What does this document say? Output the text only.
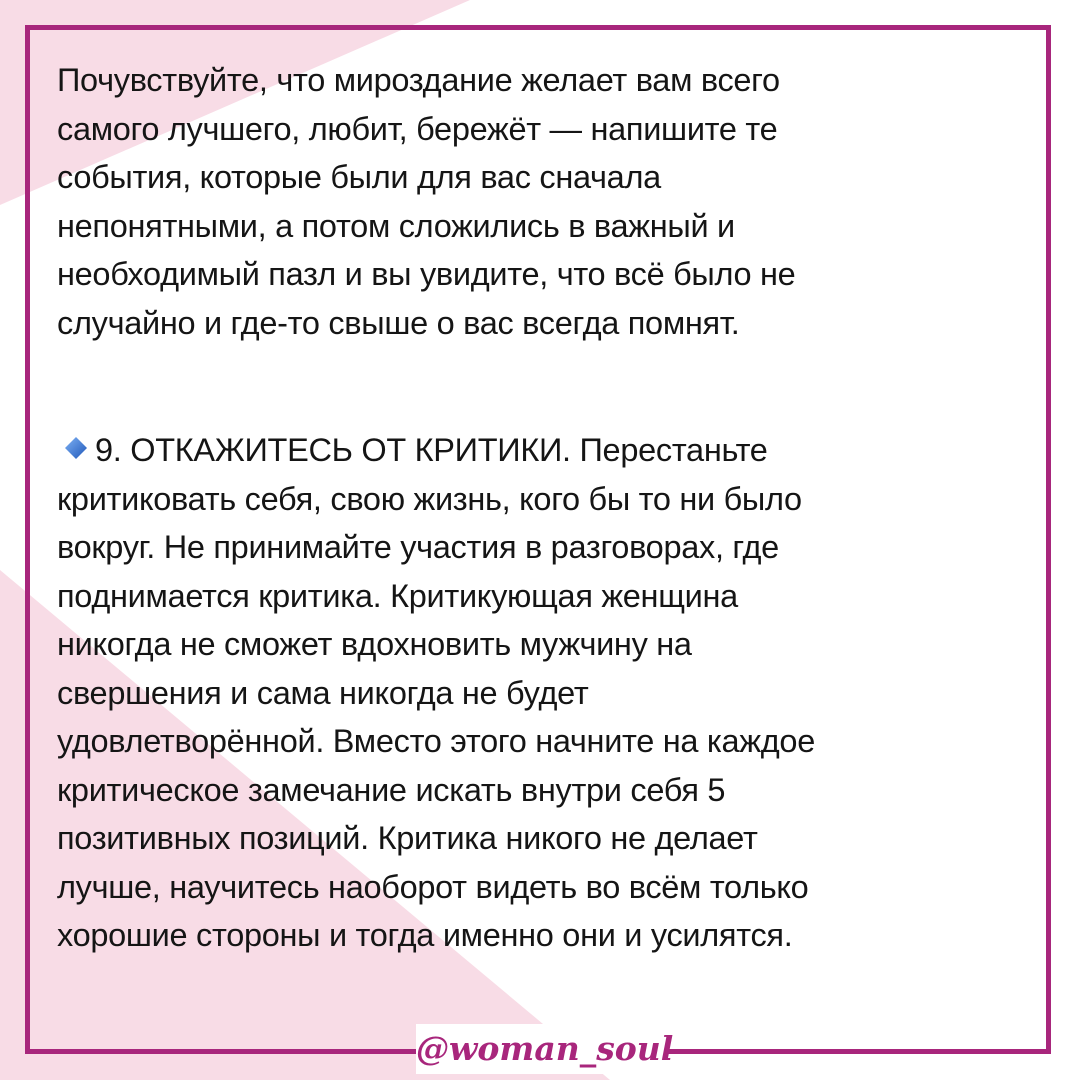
Почувствуйте, что мироздание желает вам всего
самого лучшего, любит, бережёт — напишите те
события, которые были для вас сначала
непонятными, а потом сложились в важный и
необходимый пазл и вы увидите, что всё было не
случайно и где-то свыше о вас всегда помнят.
9. ОТКАЖИТЕСЬ ОТ КРИТИКИ. Перестаньте
критиковать себя, свою жизнь, кого бы то ни было
вокруг. Не принимайте участия в разговорах, где
поднимается критика. Критикующая женщина
никогда не сможет вдохновить мужчину на
свершения и сама никогда не будет
удовлетворённой. Вместо этого начните на каждое
критическое замечание искать внутри себя 5
позитивных позиций. Критика никого не делает
лучше, научитесь наоборот видеть во всём только
хорошие стороны и тогда именно они и усилятся.
@woman_soul
